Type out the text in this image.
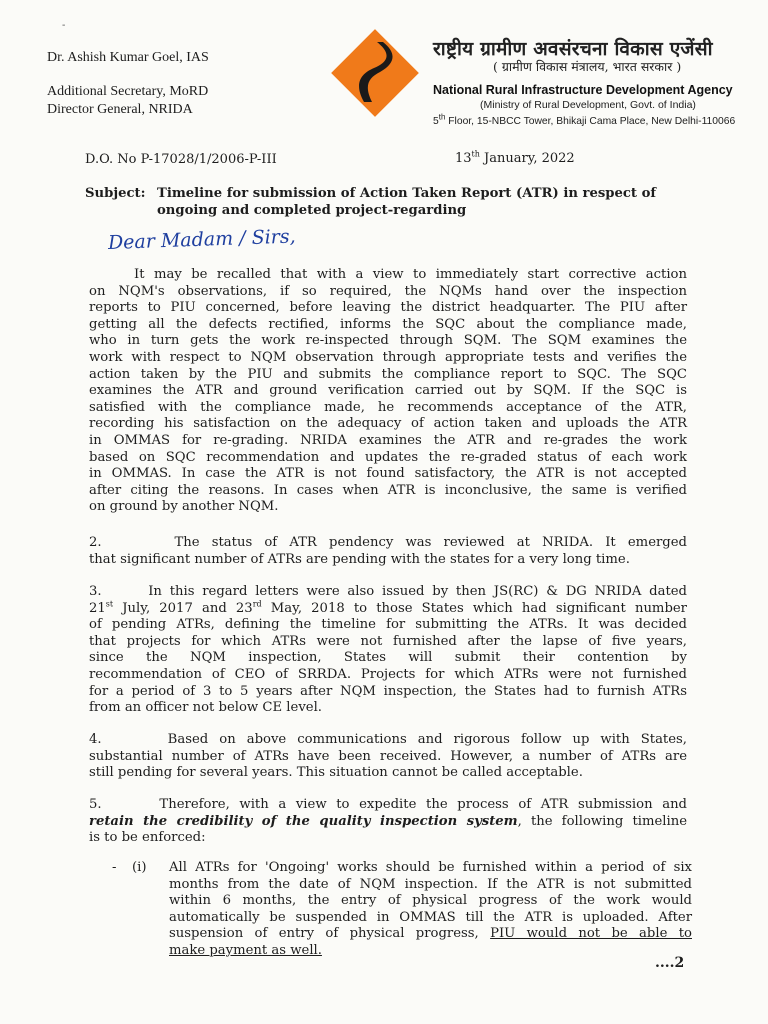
-
Dr. Ashish Kumar Goel, IAS
Additional Secretary, MoRD
Director General, NRIDA
राष्ट्रीय ग्रामीण अवसंरचना विकास एजेंसी
( ग्रामीण विकास मंत्रालय, भारत सरकार )
National Rural Infrastructure Development Agency
(Ministry of Rural Development, Govt. of India)
5th Floor, 15-NBCC Tower, Bhikaji Cama Place, New Delhi-110066
D.O. No P-17028/1/2006-P-III	13th January, 2022
Subject: Timeline for submission of Action Taken Report (ATR) in respect of
ongoing and completed project-regarding
Dear Madam / Sirs,
It may be recalled that with a view to immediately start corrective action
on NQM's observations, if so required, the NQMs hand over the inspection
reports to PIU concerned, before leaving the district headquarter. The PIU after
getting all the defects rectified, informs the SQC about the compliance made,
who in turn gets the work re-inspected through SQM. The SQM examines the
work with respect to NQM observation through appropriate tests and verifies the
action taken by the PIU and submits the compliance report to SQC. The SQC
examines the ATR and ground verification carried out by SQM. If the SQC is
satisfied with the compliance made, he recommends acceptance of the ATR,
recording his satisfaction on the adequacy of action taken and uploads the ATR
in OMMAS for re-grading. NRIDA examines the ATR and re-grades the work
based on SQC recommendation and updates the re-graded status of each work
in OMMAS. In case the ATR is not found satisfactory, the ATR is not accepted
after citing the reasons. In cases when ATR is inconclusive, the same is verified
on ground by another NQM.
2.      The status of ATR pendency was reviewed at NRIDA. It emerged
that significant number of ATRs are pending with the states for a very long time.
3.      In this regard letters were also issued by then JS(RC) & DG NRIDA dated
21st July, 2017 and 23rd May, 2018 to those States which had significant number
of pending ATRs, defining the timeline for submitting the ATRs. It was decided
that projects for which ATRs were not furnished after the lapse of five years,
since   the   NQM   inspection,   States   will   submit   their   contention   by
recommendation of CEO of SRRDA. Projects for which ATRs were not furnished
for a period of 3 to 5 years after NQM inspection, the States had to furnish ATRs
from an officer not below CE level.
4.      Based on above communications and rigorous follow up with States,
substantial number of ATRs have been received. However, a number of ATRs are
still pending for several years. This situation cannot be called acceptable.
5.      Therefore, with a view to expedite the process of ATR submission and
retain the credibility of the quality inspection system, the following timeline
is to be enforced:
- (i) All ATRs for 'Ongoing' works should be furnished within a period of six
months from the date of NQM inspection. If the ATR is not submitted
within 6 months, the entry of physical progress of the work would
automatically be suspended in OMMAS till the ATR is uploaded. After
suspension of entry of physical progress, PIU would not be able to
make payment as well.
....2
